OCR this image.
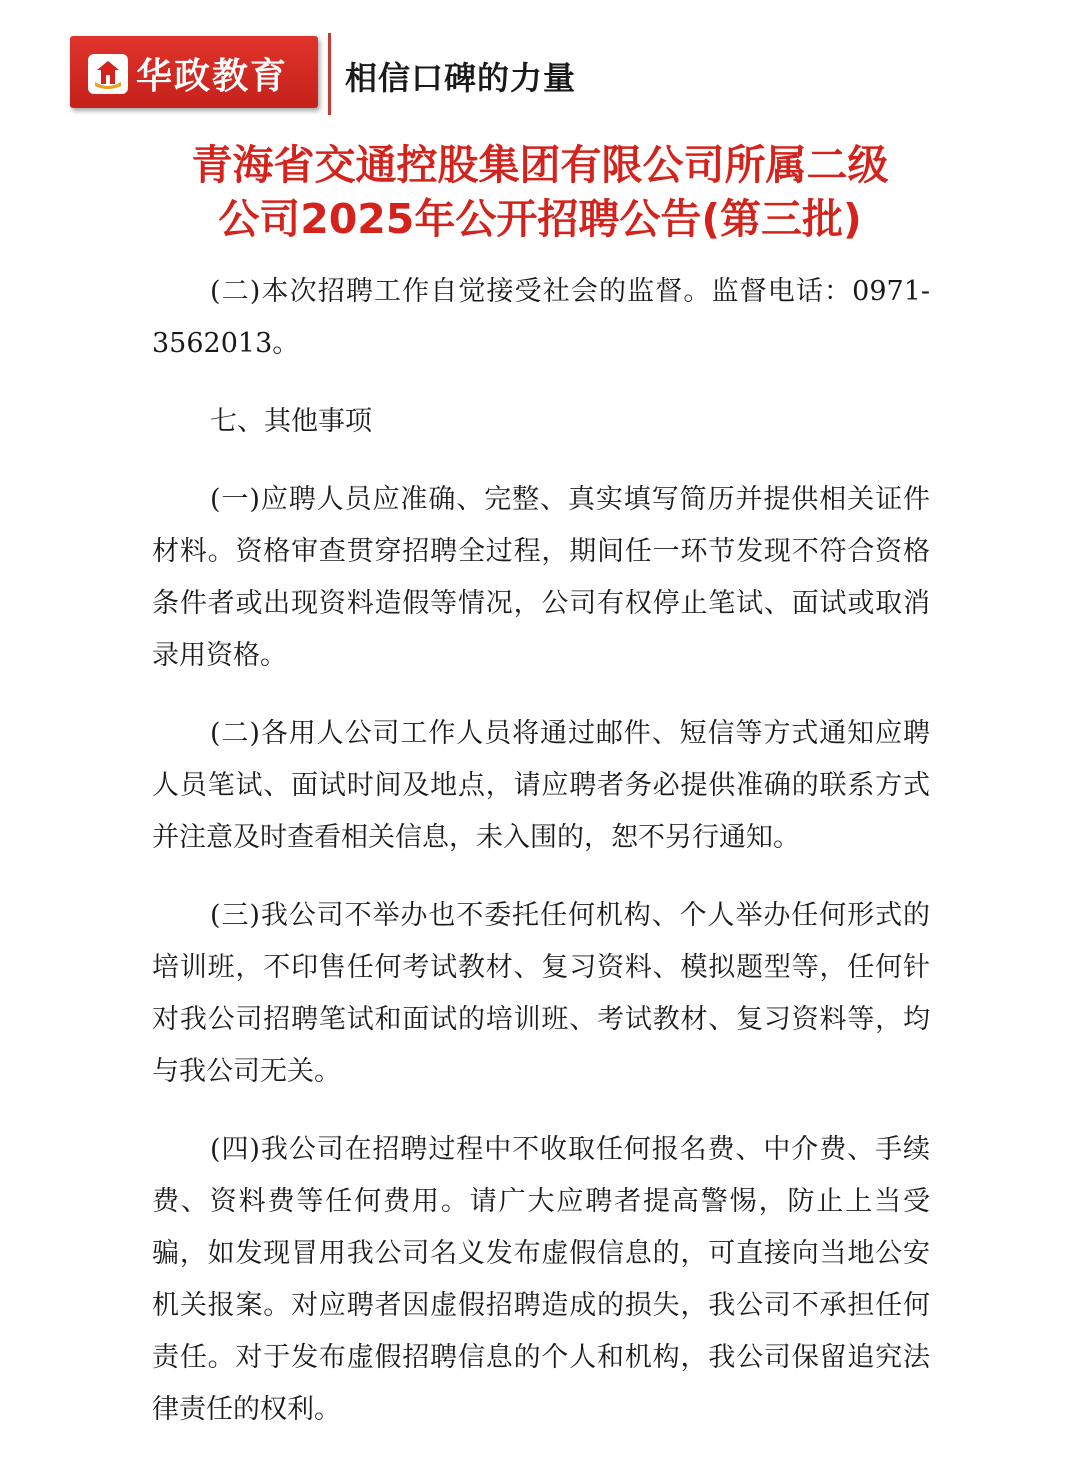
华政教育 相信口碑的力量
青海省交通控股集团有限公司所属二级
公司2025年公开招聘公告(第三批)

(二)本次招聘工作自觉接受社会的监督。监督电话：0971-3562013。

七、其他事项

(一)应聘人员应准确、完整、真实填写简历并提供相关证件材料。资格审查贯穿招聘全过程，期间任一环节发现不符合资格条件者或出现资料造假等情况，公司有权停止笔试、面试或取消录用资格。

(二)各用人公司工作人员将通过邮件、短信等方式通知应聘人员笔试、面试时间及地点，请应聘者务必提供准确的联系方式并注意及时查看相关信息，未入围的，恕不另行通知。

(三)我公司不举办也不委托任何机构、个人举办任何形式的培训班，不印售任何考试教材、复习资料、模拟题型等，任何针对我公司招聘笔试和面试的培训班、考试教材、复习资料等，均与我公司无关。

(四)我公司在招聘过程中不收取任何报名费、中介费、手续费、资料费等任何费用。请广大应聘者提高警惕，防止上当受骗，如发现冒用我公司名义发布虚假信息的，可直接向当地公安机关报案。对应聘者因虚假招聘造成的损失，我公司不承担任何责任。对于发布虚假招聘信息的个人和机构，我公司保留追究法律责任的权利。
